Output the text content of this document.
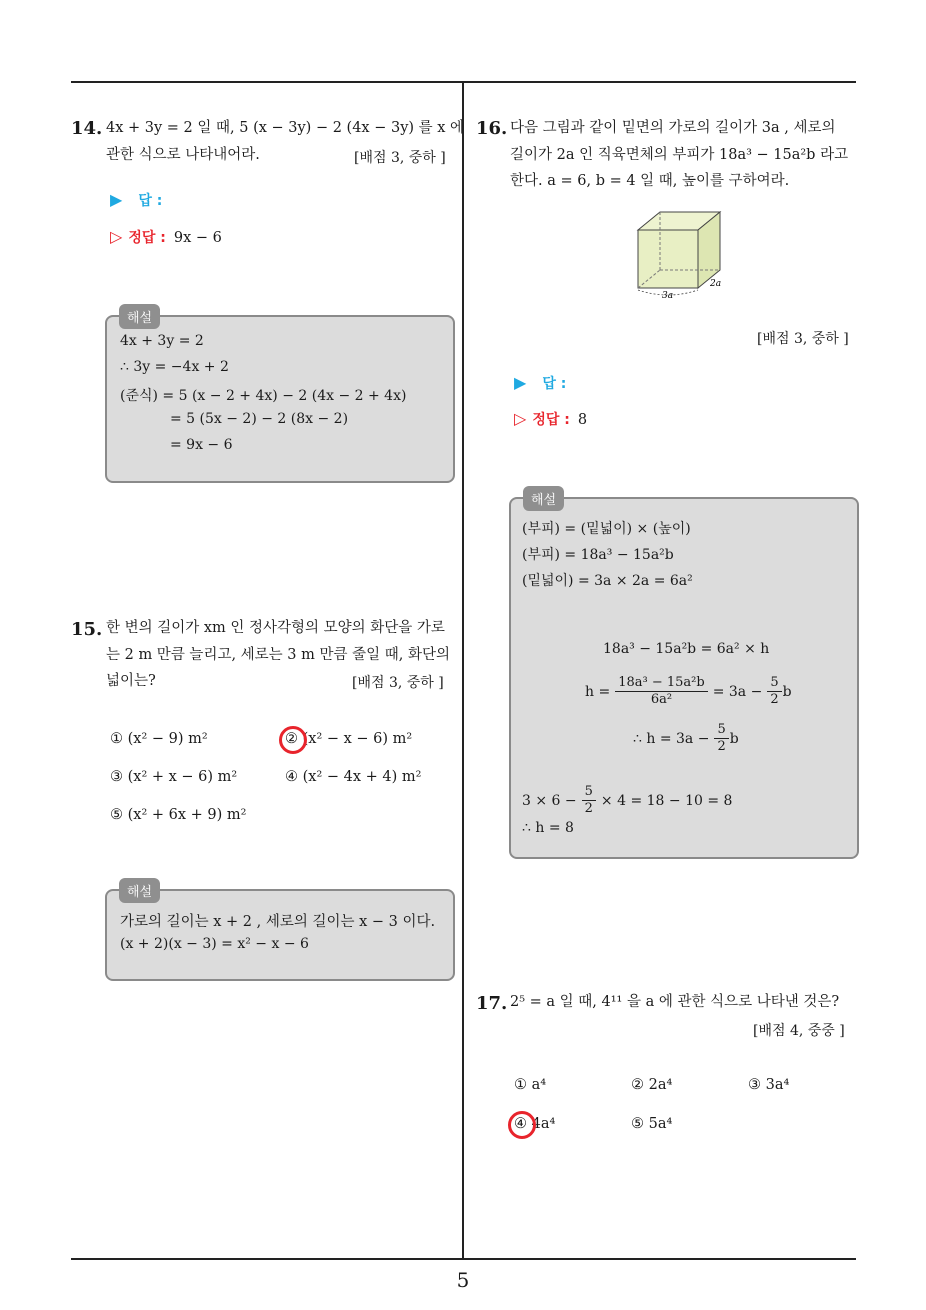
14. 4x + 3y = 2 일 때, 5 (x − 3y) − 2 (4x − 3y) 를 x 에
관한 식으로 나타내어라.	[배점 3, 중하 ]
▶ 답 :
▷ 정답 : 9x − 6
해설
4x + 3y = 2
∴ 3y = −4x + 2
(준식) = 5 (x − 2 + 4x) − 2 (4x − 2 + 4x)
= 5 (5x − 2) − 2 (8x − 2)
= 9x − 6
15. 한 변의 길이가 xm 인 정사각형의 모양의 화단을 가로
는 2 m 만큼 늘리고, 세로는 3 m 만큼 줄일 때, 화단의
넓이는?	[배점 3, 중하 ]
① (x² − 9) m²	② (x² − x − 6) m²
③ (x² + x − 6) m²	④ (x² − 4x + 4) m²
⑤ (x² + 6x + 9) m²
해설
가로의 길이는 x + 2 , 세로의 길이는 x − 3 이다.
(x + 2)(x − 3) = x² − x − 6
16. 다음 그림과 같이 밑면의 가로의 길이가 3a , 세로의
길이가 2a 인 직육면체의 부피가 18a³ − 15a²b 라고
한다. a = 6, b = 4 일 때, 높이를 구하여라.
3a
2a
[배점 3, 중하 ]
▶ 답 :
▷ 정답 : 8
해설
(부피) = (밑넓이) × (높이)
(부피) = 18a³ − 15a²b
(밑넓이) = 3a × 2a = 6a²
18a³ − 15a²b = 6a² × h
$h = \frac{\text{18a³ − 15a²b}}{\text{6a²}} = 3a - \frac{5}{2}$ b
∴ $h = 3a - \frac{5}{2}$ b
$3 \times 6 - \frac{5}{2} \times 4 = 18 - 10 = 8$
∴ h = 8
17. 2⁵ = a 일 때, 4¹¹ 을 a 에 관한 식으로 나타낸 것은?
[배점 4, 중중 ]
① a⁴	② 2a⁴	③ 3a⁴
④ 4a⁴	⑤ 5a⁴
5
